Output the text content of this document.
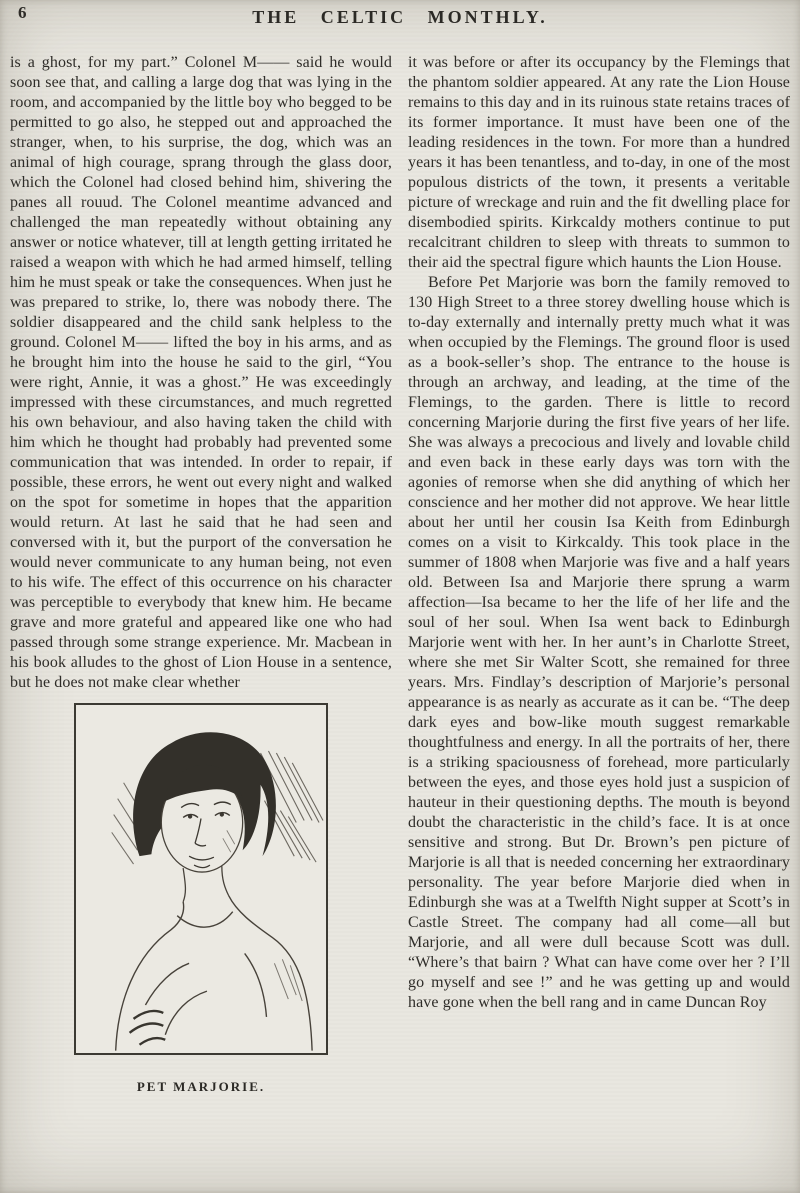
6	THE CELTIC MONTHLY.

is a ghost, for my part.” Colonel M—— said he would soon see that, and calling a large dog that was lying in the room, and accompanied by the little boy who begged to be permitted to go also, he stepped out and approached the stranger, when, to his surprise, the dog, which was an animal of high courage, sprang through the glass door, which the Colonel had closed behind him, shivering the panes all rouud. The Colonel meantime advanced and challenged the man repeatedly without obtaining any answer or notice whatever, till at length getting irritated he raised a weapon with which he had armed himself, telling him he must speak or take the consequences. When just he was prepared to strike, lo, there was nobody there. The soldier disappeared and the child sank helpless to the ground. Colonel M—— lifted the boy in his arms, and as he brought him into the house he said to the girl, “You were right, Annie, it was a ghost.” He was exceedingly impressed with these circumstances, and much regretted his own behaviour, and also having taken the child with him which he thought had probably had prevented some communication that was intended. In order to repair, if possible, these errors, he went out every night and walked on the spot for sometime in hopes that the apparition would return. At last he said that he had seen and conversed with it, but the purport of the conversation he would never communicate to any human being, not even to his wife. The effect of this occurrence on his character was perceptible to everybody that knew him. He became grave and more grateful and appeared like one who had passed through some strange experience. Mr. Macbean in his book alludes to the ghost of Lion House in a sentence, but he does not make clear whether

PET MARJORIE.

it was before or after its occupancy by the Flemings that the phantom soldier appeared. At any rate the Lion House remains to this day and in its ruinous state retains traces of its former importance. It must have been one of the leading residences in the town. For more than a hundred years it has been tenantless, and to-day, in one of the most populous districts of the town, it presents a veritable picture of wreckage and ruin and the fit dwelling place for disembodied spirits. Kirkcaldy mothers continue to put recalcitrant children to sleep with threats to summon to their aid the spectral figure which haunts the Lion House.

Before Pet Marjorie was born the family removed to 130 High Street to a three storey dwelling house which is to-day externally and internally pretty much what it was when occupied by the Flemings. The ground floor is used as a book-seller’s shop. The entrance to the house is through an archway, and leading, at the time of the Flemings, to the garden. There is little to record concerning Marjorie during the first five years of her life. She was always a precocious and lively and lovable child and even back in these early days was torn with the agonies of remorse when she did anything of which her conscience and her mother did not approve. We hear little about her until her cousin Isa Keith from Edinburgh comes on a visit to Kirkcaldy. This took place in the summer of 1808 when Marjorie was five and a half years old. Between Isa and Marjorie there sprung a warm affection—Isa became to her the life of her life and the soul of her soul. When Isa went back to Edinburgh Marjorie went with her. In her aunt’s in Charlotte Street, where she met Sir Walter Scott, she remained for three years. Mrs. Findlay’s description of Marjorie’s personal appearance is as nearly as accurate as it can be. “The deep dark eyes and bow-like mouth suggest remarkable thoughtfulness and energy. In all the portraits of her, there is a striking spaciousness of forehead, more particularly between the eyes, and those eyes hold just a suspicion of hauteur in their questioning depths. The mouth is beyond doubt the characteristic in the child’s face. It is at once sensitive and strong. But Dr. Brown’s pen picture of Marjorie is all that is needed concerning her extraordinary personality. The year before Marjorie died when in Edinburgh she was at a Twelfth Night supper at Scott’s in Castle Street. The company had all come—all but Marjorie, and all were dull because Scott was dull. “Where’s that bairn ? What can have come over her ? I’ll go myself and see !” and he was getting up and would have gone when the bell rang and in came Duncan Roy
